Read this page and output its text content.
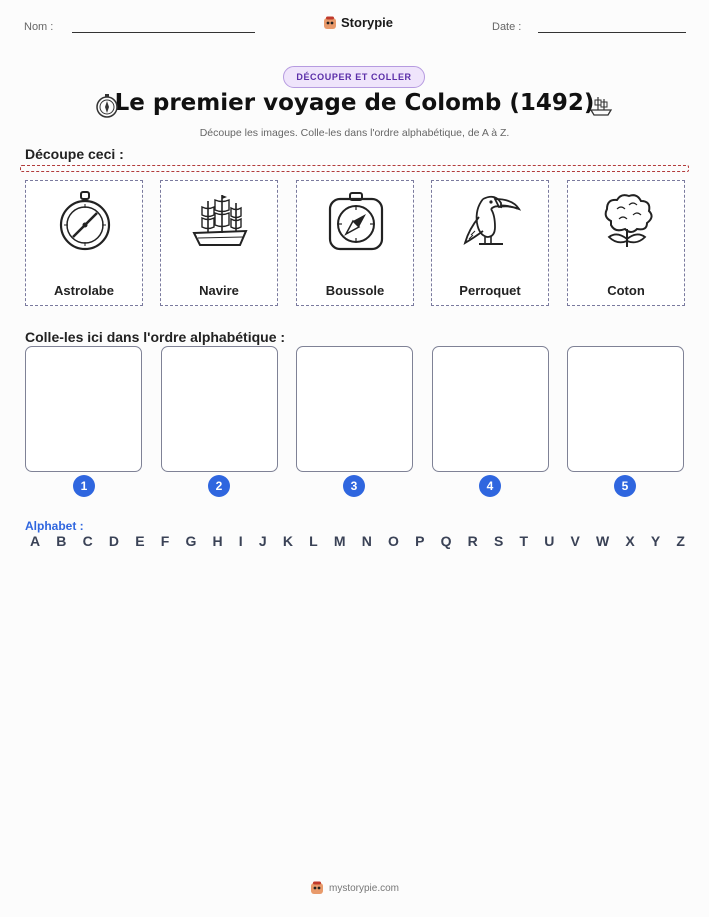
Nom :	Storypie	Date :
DÉCOUPER ET COLLER
Le premier voyage de Colomb (1492)
Découpe les images. Colle-les dans l'ordre alphabétique, de A à Z.
Découpe ceci :
Astrolabe	Navire	Boussole	Perroquet	Coton
Colle-les ici dans l'ordre alphabétique :
1	2	3	4	5
Alphabet :
A B C D E F G H I J K L M N O P Q R S T U V W X Y Z
mystorypie.com
